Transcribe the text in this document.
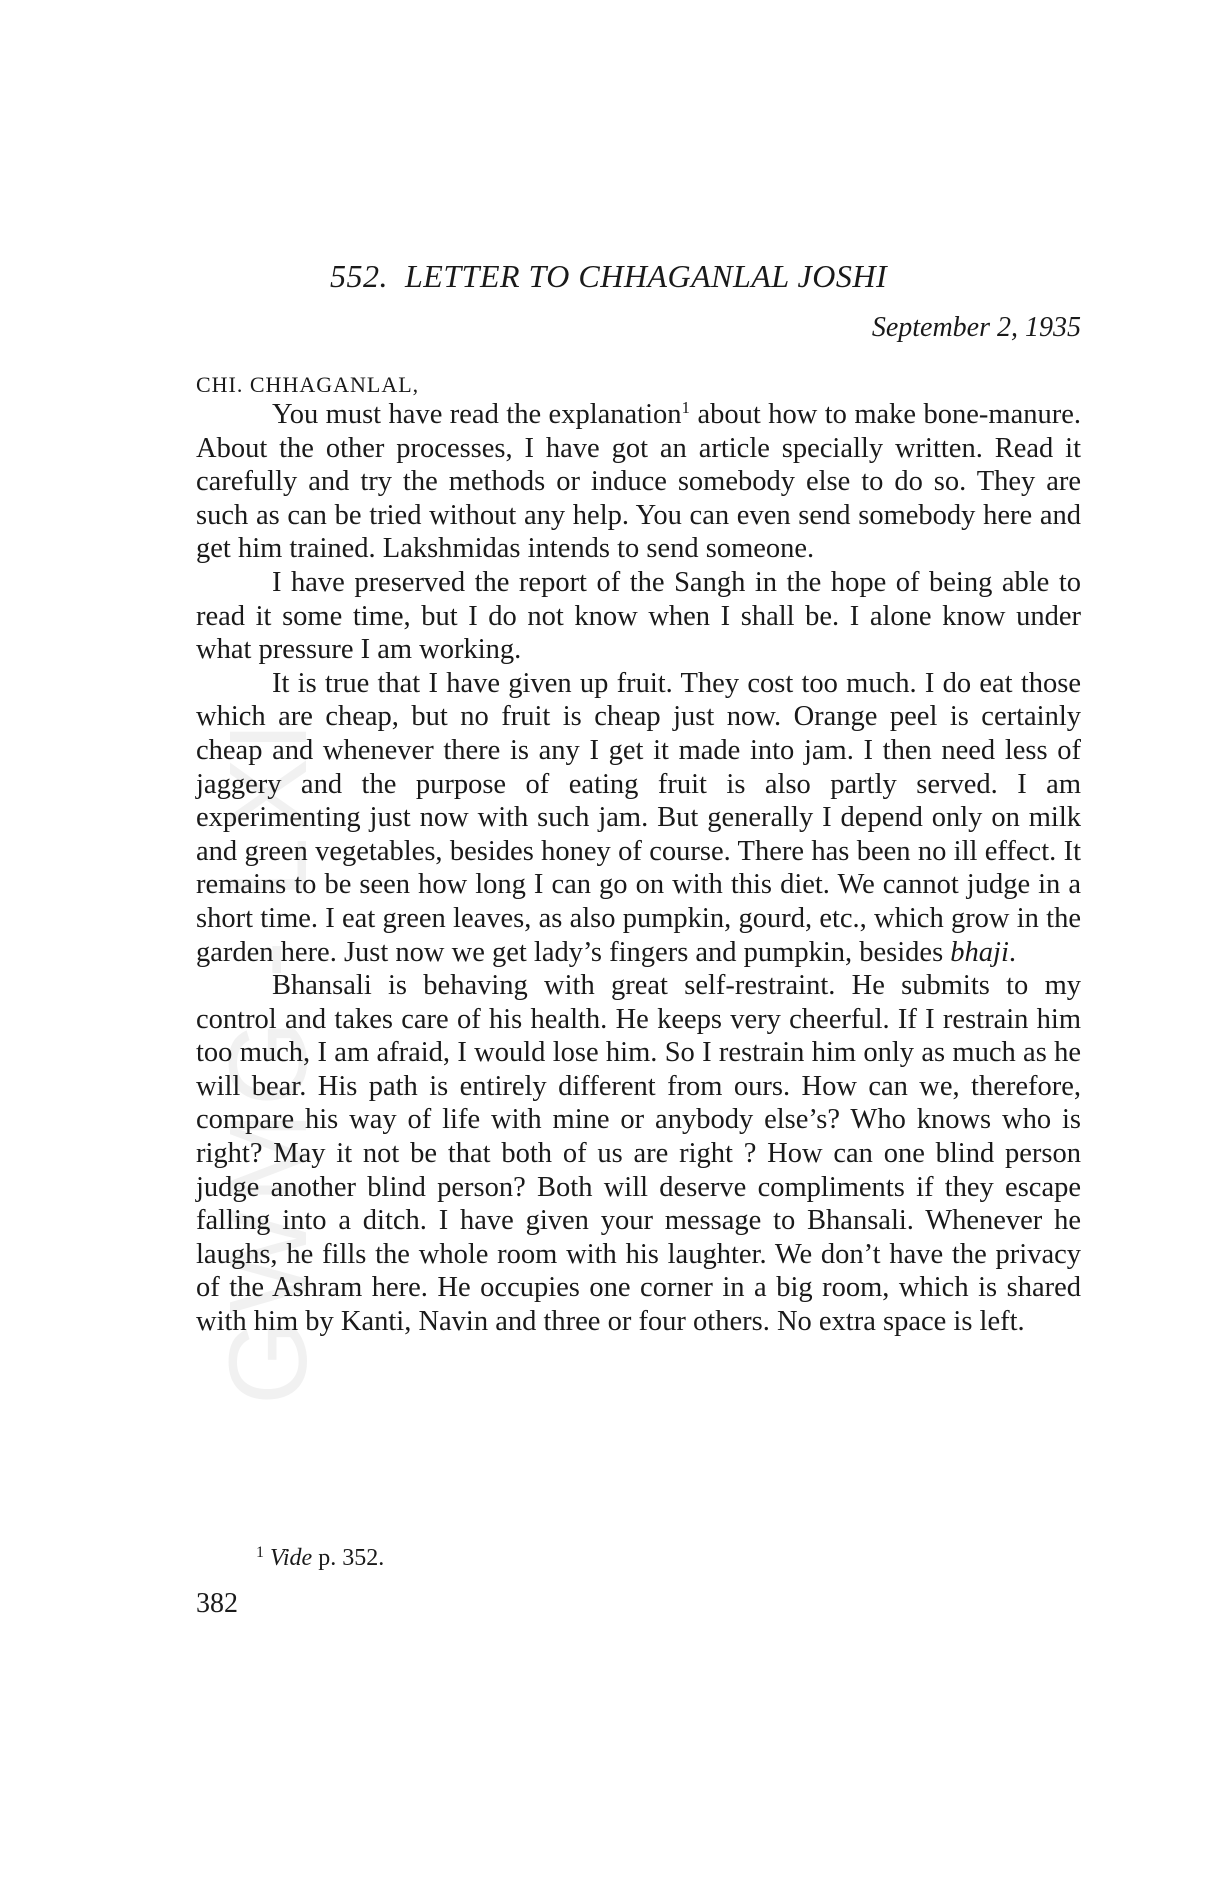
GWMG - LXI
552. LETTER TO CHHAGANLAL JOSHI
September 2, 1935
CHI. CHHAGANLAL,

You must have read the explanation$^1$ about how to make bone-manure. About the other processes, I have got an article specially written. Read it carefully and try the methods or induce somebody else to do so. They are such as can be tried without any help. You can even send somebody here and get him trained. Lakshmidas intends to send someone.

I have preserved the report of the Sangh in the hope of being able to read it some time, but I do not know when I shall be. I alone know under what pressure I am working.

It is true that I have given up fruit. They cost too much. I do eat those which are cheap, but no fruit is cheap just now. Orange peel is certainly cheap and whenever there is any I get it made into jam. I then need less of jaggery and the purpose of eating fruit is also partly served. I am experimenting just now with such jam. But generally I depend only on milk and green vegetables, besides honey of course. There has been no ill effect. It remains to be seen how long I can go on with this diet. We cannot judge in a short time. I eat green leaves, as also pumpkin, gourd, etc., which grow in the garden here. Just now we get lady’s fingers and pumpkin, besides bhaji.

Bhansali is behaving with great self-restraint. He submits to my control and takes care of his health. He keeps very cheerful. If I restrain him too much, I am afraid, I would lose him. So I restrain him only as much as he will bear. His path is entirely different from ours. How can we, therefore, compare his way of life with mine or anybody else’s? Who knows who is right? May it not be that both of us are right ? How can one blind person judge another blind person? Both will deserve compliments if they escape falling into a ditch. I have given your message to Bhansali. Whenever he laughs, he fills the whole room with his laughter. We don’t have the privacy of the Ashram here. He occupies one corner in a big room, which is shared with him by Kanti, Navin and three or four others. No extra space is left.

$^1$ Vide p. 352.
382
